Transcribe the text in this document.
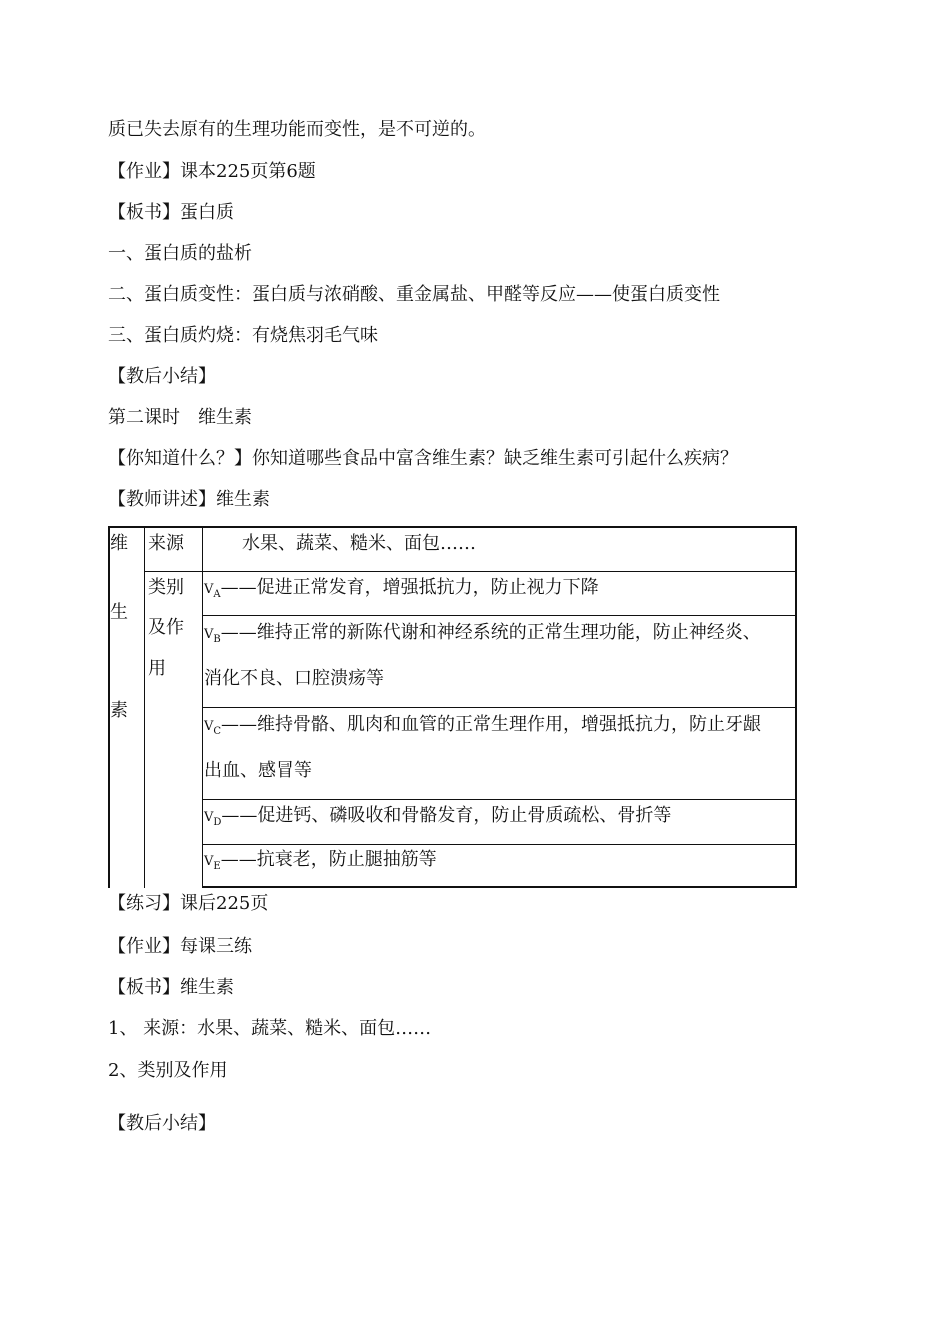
质已失去原有的生理功能而变性，是不可逆的。
【作业】课本225页第6题
【板书】蛋白质
一、蛋白质的盐析
二、蛋白质变性：蛋白质与浓硝酸、重金属盐、甲醛等反应——使蛋白质变性
三、蛋白质灼烧：有烧焦羽毛气味
【教后小结】
第二课时　维生素
【你知道什么？】你知道哪些食品中富含维生素？缺乏维生素可引起什么疾病？
【教师讲述】维生素
维
生
素
来源	水果、蔬菜、糙米、面包……
类别
及作
用
$V_A——$促进正常发育，增强抵抗力，防止视力下降
$V_B——$维持正常的新陈代谢和神经系统的正常生理功能，防止神经炎、
消化不良、口腔溃疡等
$V_C——$维持骨骼、肌肉和血管的正常生理作用，增强抵抗力，防止牙龈
出血、感冒等
$V_D——$促进钙、磷吸收和骨骼发育，防止骨质疏松、骨折等
$V_E——$抗衰老，防止腿抽筋等
【练习】课后225页
【作业】每课三练
【板书】维生素
1、 来源：水果、蔬菜、糙米、面包……
2、类别及作用
【教后小结】
